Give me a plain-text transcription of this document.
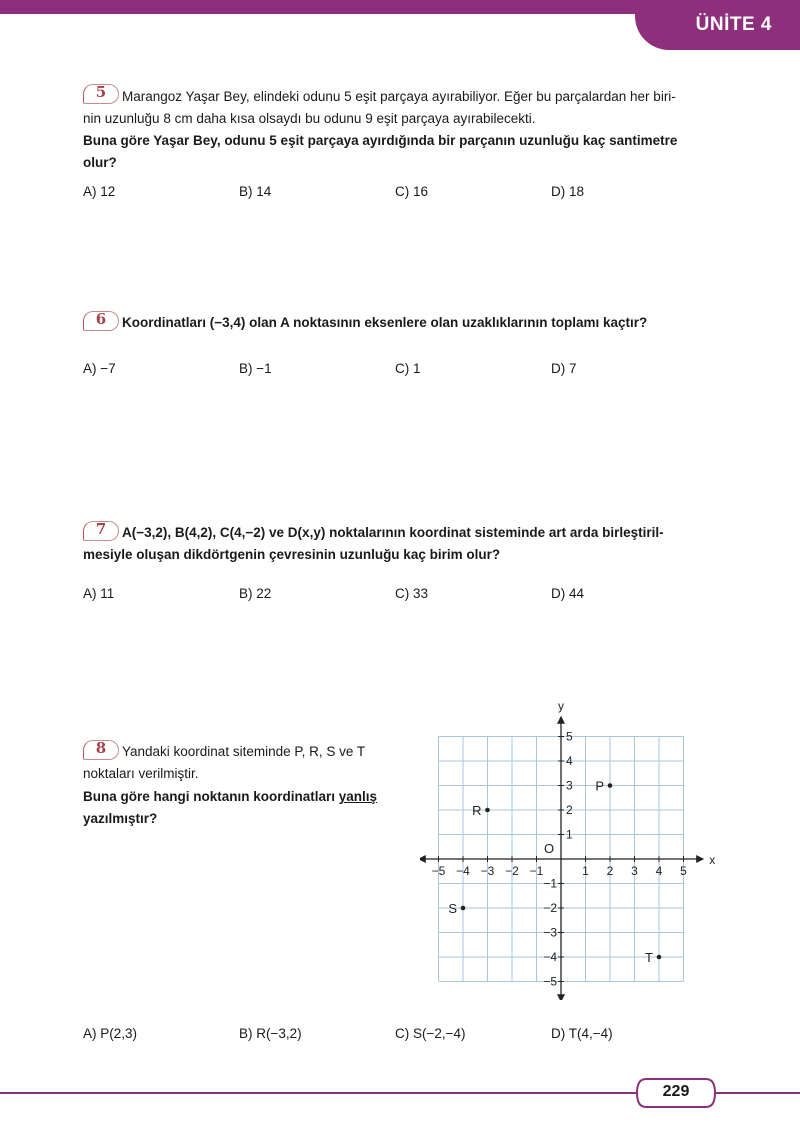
ÜNİTE 4
5	Marangoz Yaşar Bey, elindeki odunu 5 eşit parçaya ayırabiliyor. Eğer bu parçalardan her biri-
nin uzunluğu 8 cm daha kısa olsaydı bu odunu 9 eşit parçaya ayırabilecekti.
Buna göre Yaşar Bey, odunu 5 eşit parçaya ayırdığında bir parçanın uzunluğu kaç santimetre
olur?
A) 12	B) 14	C) 16	D) 18
6	Koordinatları (−3,4) olan A noktasının eksenlere olan uzaklıklarının toplamı kaçtır?
A) −7	B) −1	C) 1	D) 7
7	A(−3,2), B(4,2), C(4,−2) ve D(x,y) noktalarının koordinat sisteminde art arda birleştiril-
mesiyle oluşan dikdörtgenin çevresinin uzunluğu kaç birim olur?
A) 11	B) 22	C) 33	D) 44
8	Yandaki koordinat siteminde P, R, S ve T
noktaları verilmiştir.
Buna göre hangi noktanın koordinatları yanlış
yazılmıştır?
−5 −4 −3 −2 −1	1 2 3 4 5
−5
−4
−3
−2
−1
1
2
3
4
5
x
y
O
P
R
S
T
A) P(2,3)	B) R(−3,2)	C) S(−2,−4)	D) T(4,−4)
229
